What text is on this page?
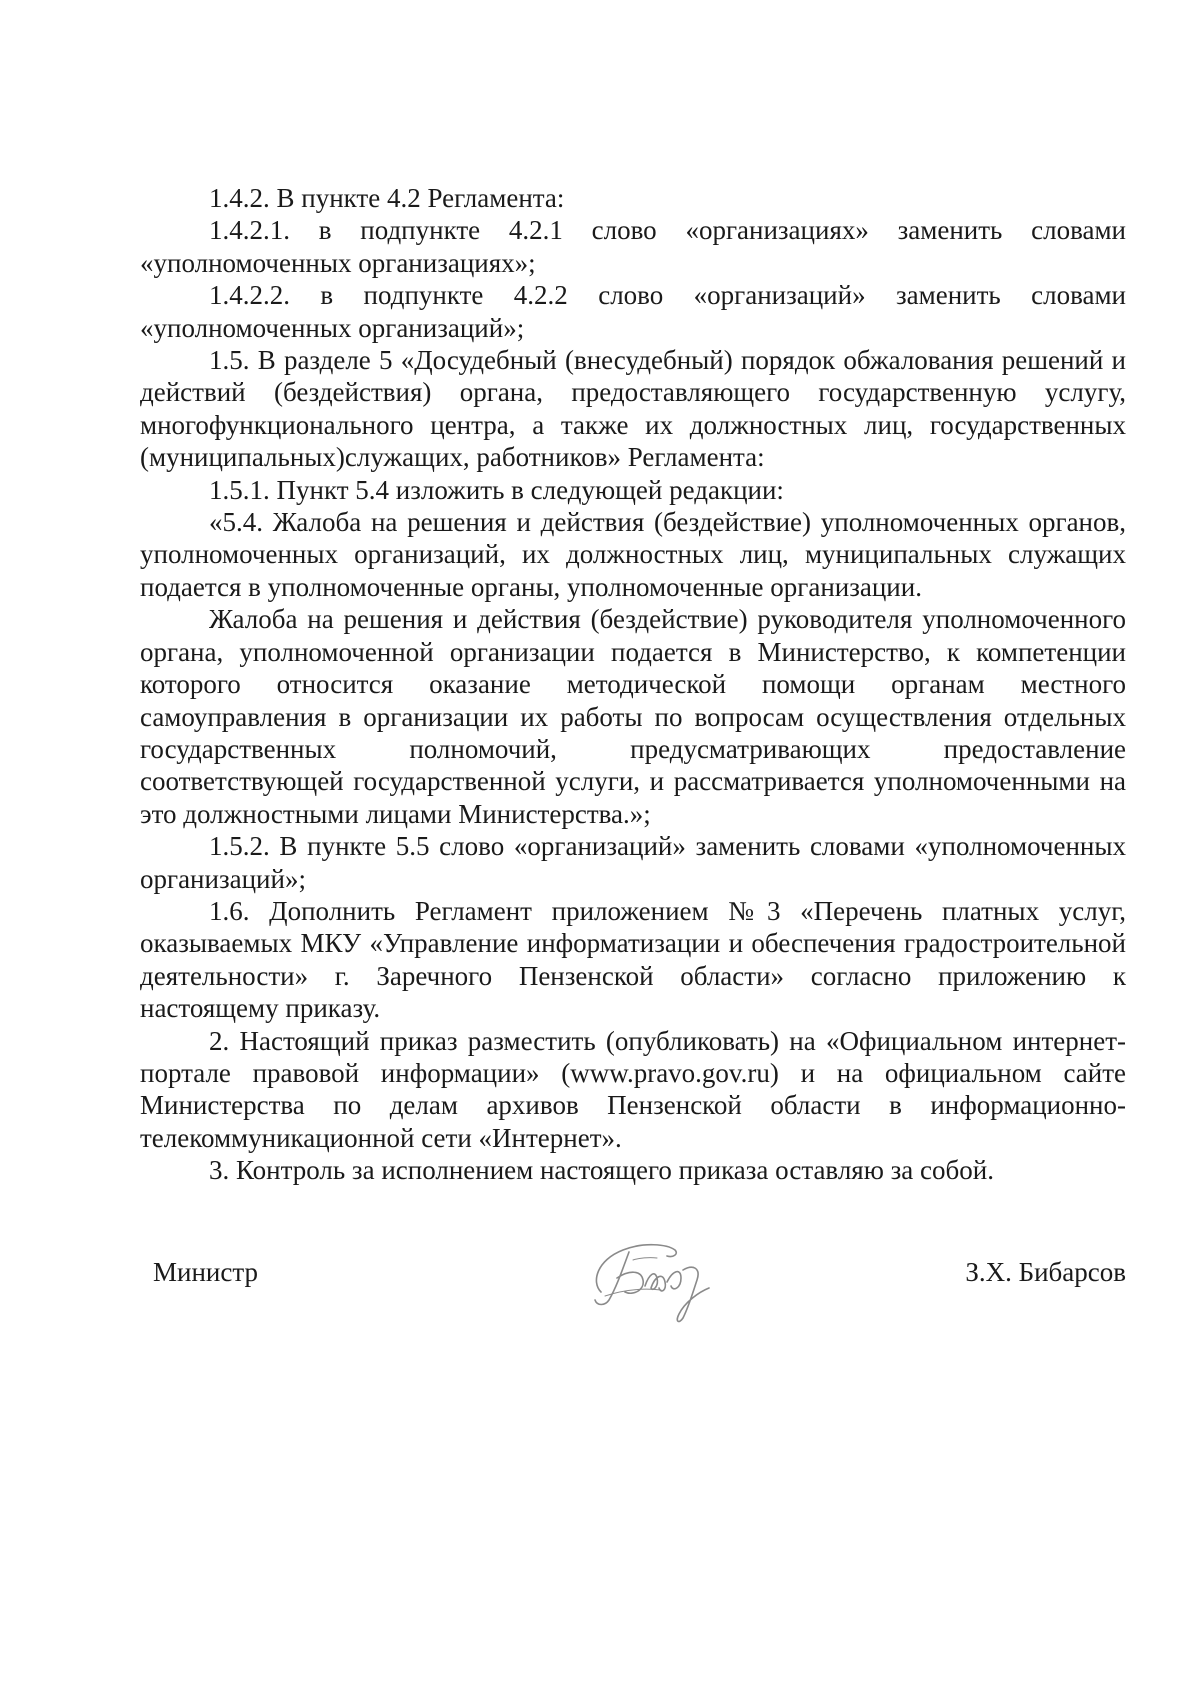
1.4.2. В пункте 4.2 Регламента:

1.4.2.1. в подпункте 4.2.1 слово «организациях» заменить словами «уполномоченных организациях»;

1.4.2.2. в подпункте 4.2.2 слово «организаций» заменить словами «уполномоченных организаций»;

1.5. В разделе 5 «Досудебный (внесудебный) порядок обжалования решений и действий (бездействия) органа, предоставляющего государственную услугу, многофункционального центра, а также их должностных лиц, государственных (муниципальных)служащих, работников» Регламента:

1.5.1. Пункт 5.4 изложить в следующей редакции:

«5.4. Жалоба на решения и действия (бездействие) уполномоченных органов, уполномоченных организаций, их должностных лиц, муниципальных служащих подается в уполномоченные органы, уполномоченные организации.

Жалоба на решения и действия (бездействие) руководителя уполномоченного органа, уполномоченной организации подается в Министерство, к компетенции которого относится оказание методической помощи органам местного самоуправления в организации их работы по вопросам осуществления отдельных государственных полномочий, предусматривающих предоставление соответствующей государственной услуги, и рассматривается уполномоченными на это должностными лицами Министерства.»;

1.5.2. В пункте 5.5 слово «организаций» заменить словами «уполномоченных организаций»;

1.6. Дополнить Регламент приложением №3 «Перечень платных услуг, оказываемых МКУ «Управление информатизации и обеспечения градостроительной деятельности» г. Заречного Пензенской области» согласно приложению к настоящему приказу.

2. Настоящий приказ разместить (опубликовать) на «Официальном интернет-портале правовой информации» (www.pravo.gov.ru) и на официальном сайте Министерства по делам архивов Пензенской области в информационно-телекоммуникационной сети «Интернет».

3. Контроль за исполнением настоящего приказа оставляю за собой.

Министр	З.Х. Бибарсов
